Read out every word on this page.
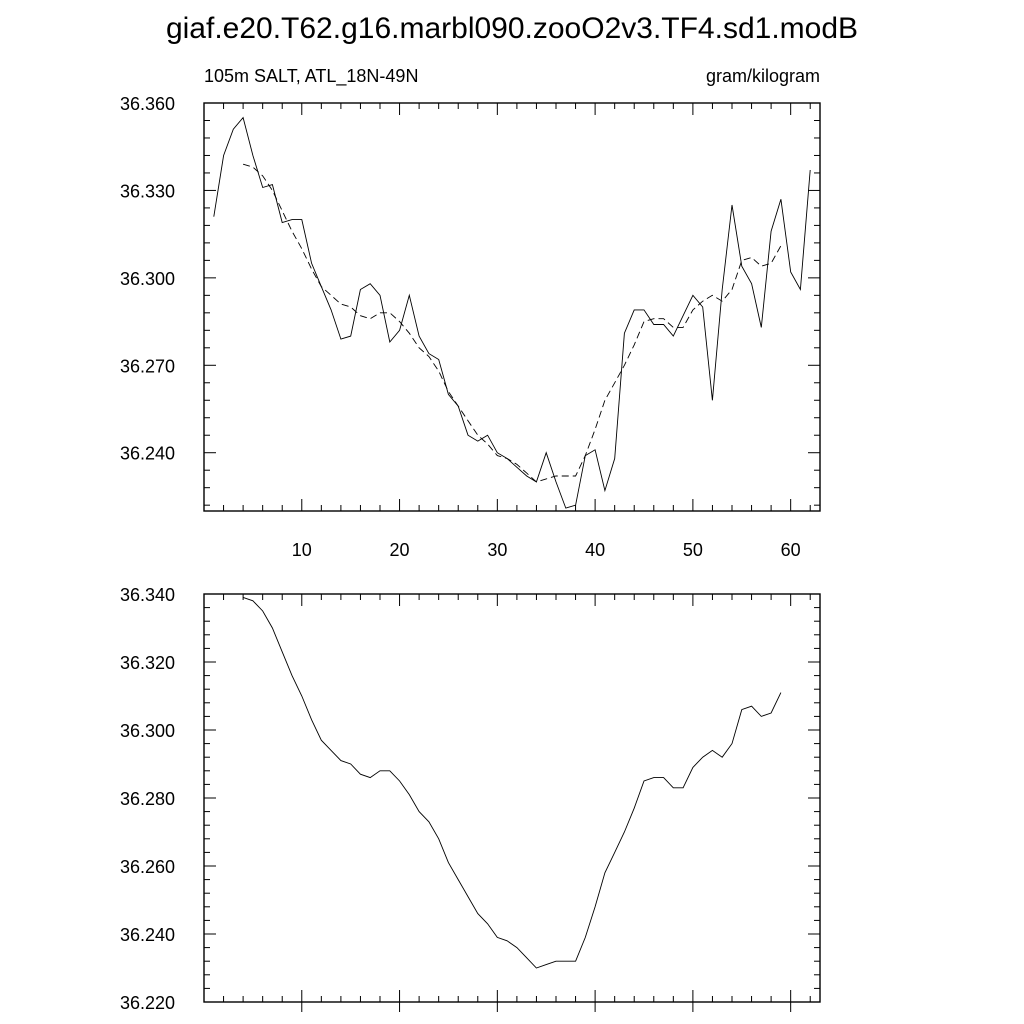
giaf.e20.T62.g16.marbl090.zooO2v3.TF4.sd1.modB
105m SALT, ATL_18N-49N	gram/kilogram
10	20	30	40	50	60
36.240
36.270
36.300
36.330
36.360
36.220
36.240
36.260
36.280
36.300
36.320
36.340
